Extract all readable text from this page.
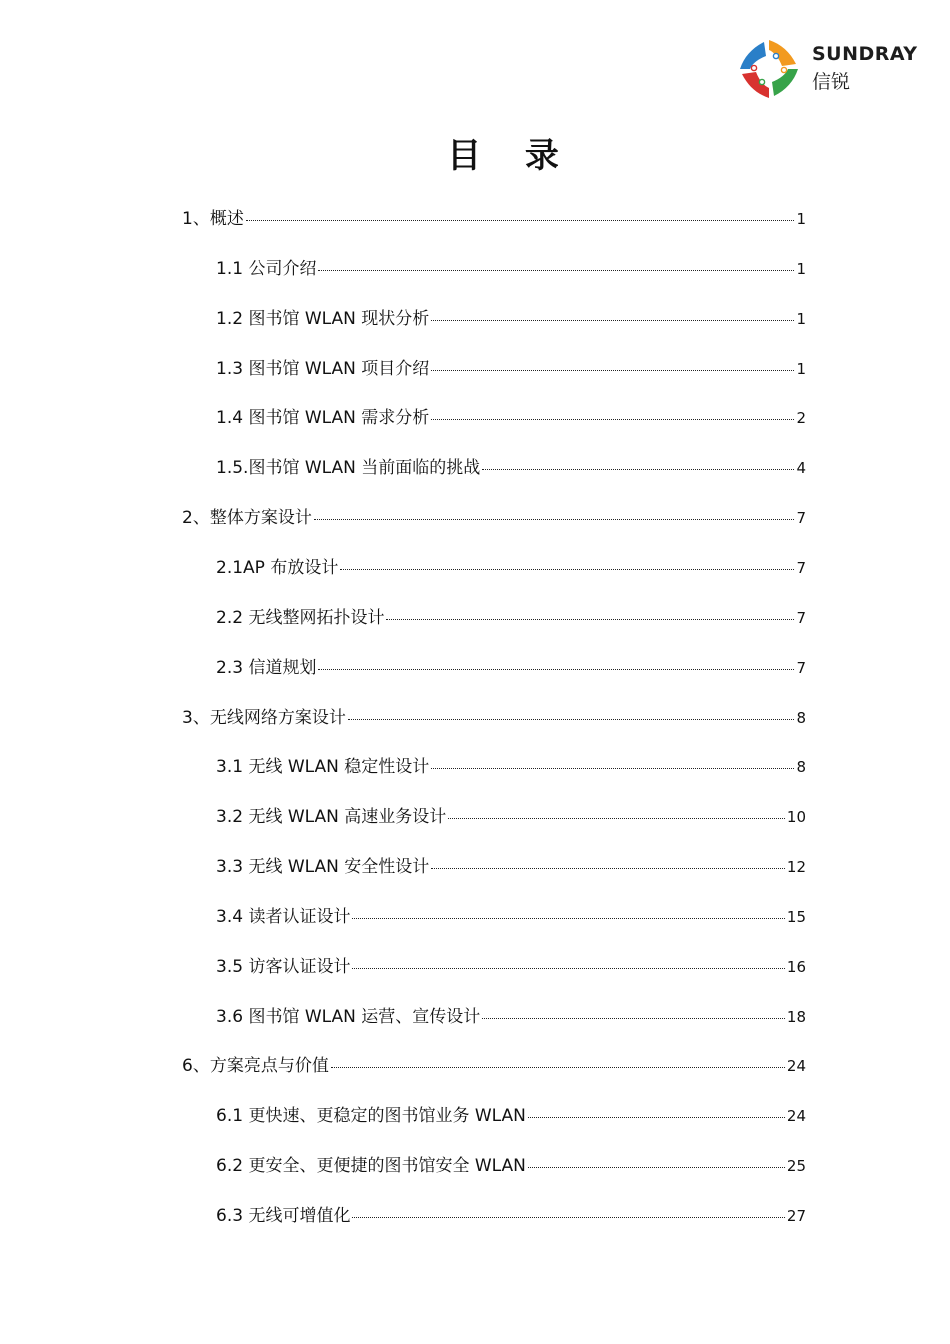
SUNDRAY
信锐
目 录
1、概述	1
1.1 公司介绍	1
1.2 图书馆 WLAN 现状分析	1
1.3 图书馆 WLAN 项目介绍	1
1.4 图书馆 WLAN 需求分析	2
1.5.图书馆 WLAN 当前面临的挑战	4
2、整体方案设计	7
2.1AP 布放设计	7
2.2 无线整网拓扑设计	7
2.3 信道规划	7
3、无线网络方案设计	8
3.1 无线 WLAN 稳定性设计	8
3.2 无线 WLAN 高速业务设计	10
3.3 无线 WLAN 安全性设计	12
3.4 读者认证设计	15
3.5 访客认证设计	16
3.6 图书馆 WLAN 运营、宣传设计	18
6、方案亮点与价值	24
6.1 更快速、更稳定的图书馆业务 WLAN	24
6.2 更安全、更便捷的图书馆安全 WLAN	25
6.3 无线可增值化	27
